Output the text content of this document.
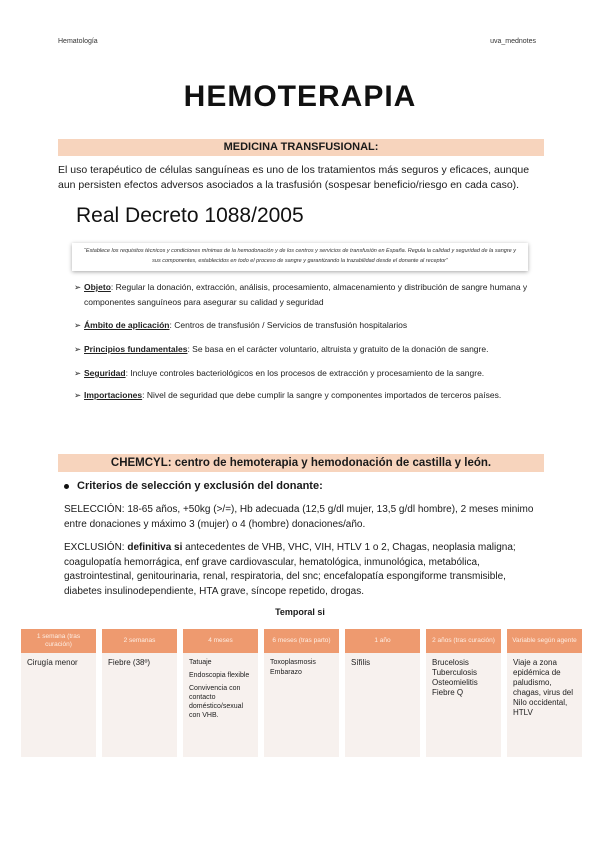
Hematología	uva_mednotes
HEMOTERAPIA
MEDICINA TRANSFUSIONAL:
El uso terapéutico de células sanguíneas es uno de los tratamientos más seguros y eficaces, aunque aun persisten efectos adversos asociados a la trasfusión (sospesar beneficio/riesgo en cada caso).
Real Decreto 1088/2005
“Establece los requisitos técnicos y condiciones mínimas de la hemodonación y de los centros y servicios de transfusión en España. Regula la calidad y seguridad de la sangre y sus componentes, establecidos en todo el proceso de sangre y garantizando la trazabilidad desde el donante al receptor”
➢ Objeto: Regular la donación, extracción, análisis, procesamiento, almacenamiento y distribución de sangre humana y componentes sanguíneos para asegurar su calidad y seguridad
➢ Ámbito de aplicación: Centros de transfusión / Servicios de transfusión hospitalarios
➢ Principios fundamentales: Se basa en el carácter voluntario, altruista y gratuito de la donación de sangre.
➢ Seguridad: Incluye controles bacteriológicos en los procesos de extracción y procesamiento de la sangre.
➢ Importaciones: Nivel de seguridad que debe cumplir la sangre y componentes importados de terceros países.
CHEMCYL: centro de hemoterapia y hemodonación de castilla y león.
Criterios de selección y exclusión del donante:
SELECCIÓN: 18-65 años, +50kg (>/=), Hb adecuada (12,5 g/dl mujer, 13,5 g/dl hombre), 2 meses minimo entre donaciones y máximo 3 (mujer) o 4 (hombre) donaciones/año.
EXCLUSIÓN: definitiva si antecedentes de VHB, VHC, VIH, HTLV 1 o 2, Chagas, neoplasia maligna; coagulopatía hemorrágica, enf grave cardiovascular, hematológica, inmunológica, metabólica, gastrointestinal, genitourinaria, renal, respiratoria, del snc; encefalopatía espongiforme transmisible, diabetes insulinodependiente, HTA grave, síncope repetido, drogas.
Temporal si
1 semana (tras curación)
Cirugía menor
2 semanas
Fiebre (38º)
4 meses
Tatuaje
Endoscopia flexible
Convivencia con contacto doméstico/sexual con VHB.
6 meses (tras parto)
Toxoplasmosis
Embarazo
1 año
Sífilis
2 años (tras curación)
Brucelosis
Tuberculosis
Osteomielitis
Fiebre Q
Variable según agente
Viaje a zona epidémica de paludismo, chagas, virus del Nilo occidental, HTLV
